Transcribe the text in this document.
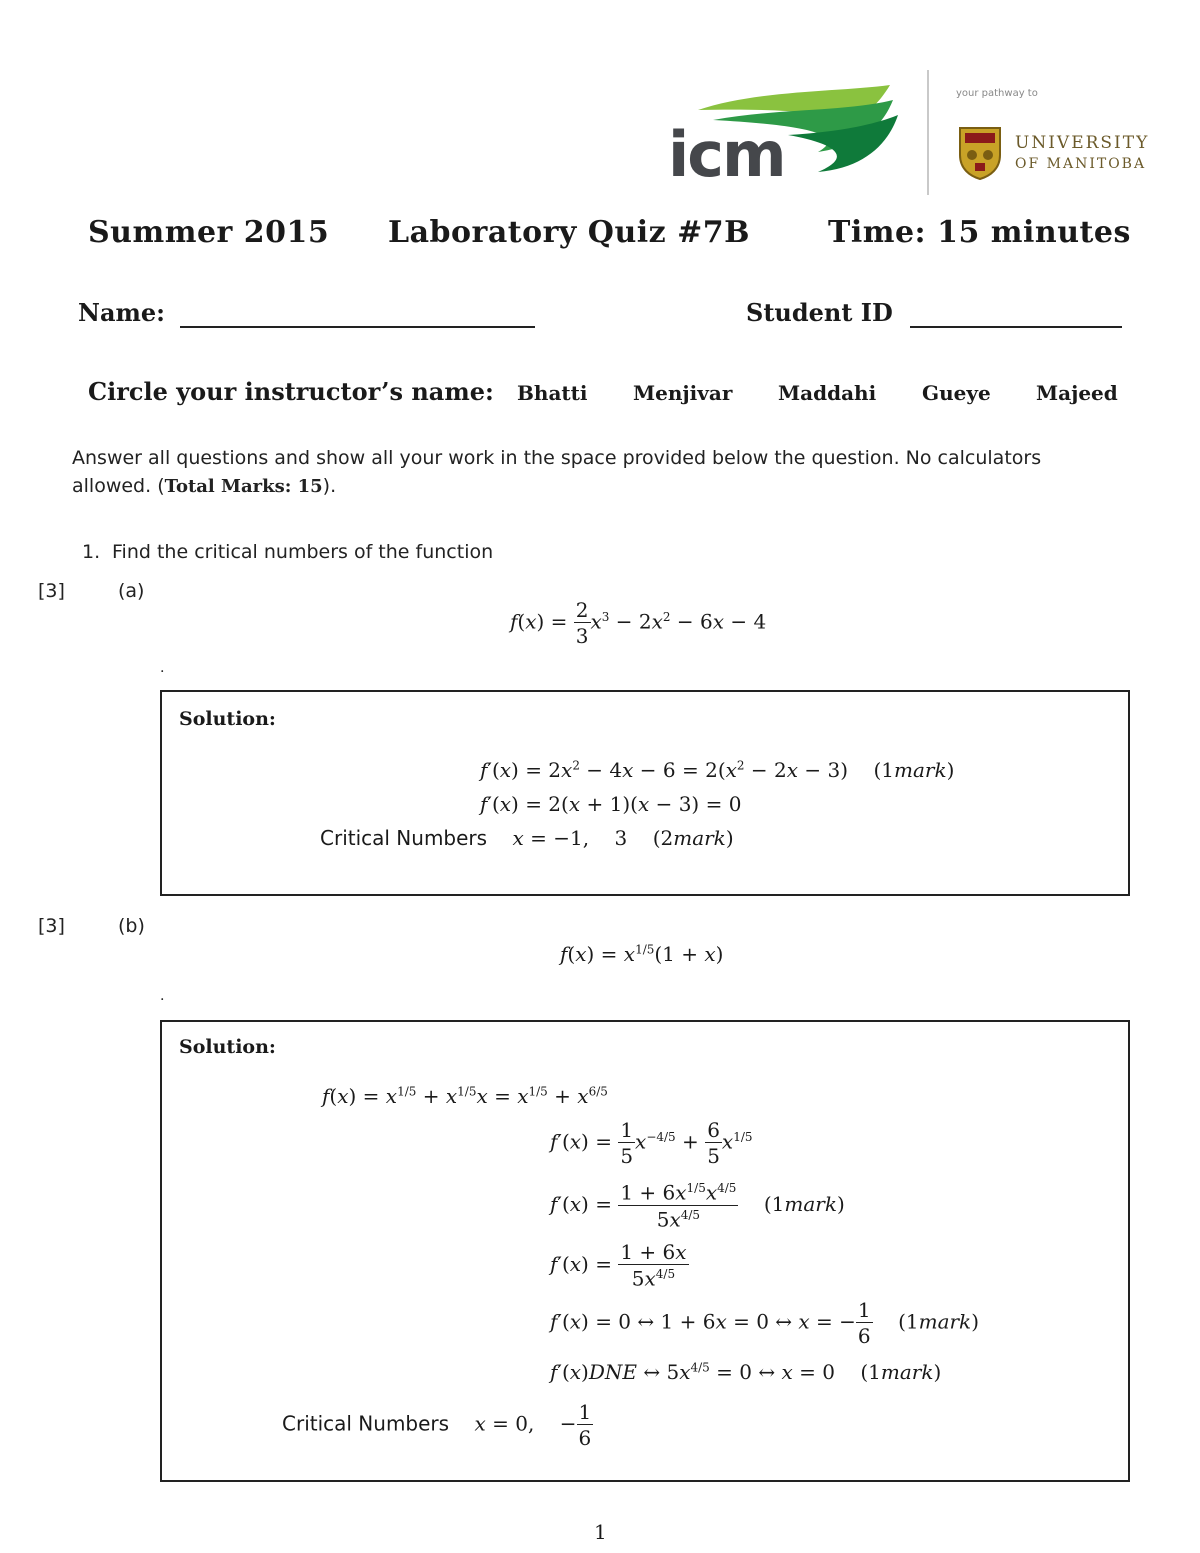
icm
your pathway to
UNIVERSITY
OF MANITOBA
Summer 2015 Laboratory Quiz #7B	Time: 15 minutes
Name:	Student ID
Circle your instructor’s name: Bhatti Menjivar Maddahi Gueye Majeed
Answer all questions and show all your work in the space provided below the question. No calculators
allowed. (Total Marks: 15).
1. Find the critical numbers of the function
[3]	(a)
$f(x) = \frac{2}{3} x^3 - 2x^2 - 6x - 4$
.
Solution:
$f'(x) = 2x^2 - 4x - 6 = 2(x^2 - 2x - 3)$    (1mark)
f′(x) = 2(x + 1)(x − 3) = 0
Critical Numbers x = −1,    3    (2mark)
[3]	(b)
$f(x) = x^{1/5}(1 + x)$
.
Solution:
$f(x) = x^{1/5} + x^{1/5}x = x^{1/5} + x^{6/5}$
$f'(x) = \frac{1}{5} x^{-4/5} + \frac{6}{5} x^{1/5}$
$f'(x) = \frac{1 + 6x^{1/5}x^{4/5}}{5x^{4/5}}$ (1mark)
$f'(x) = \frac{1 + 6x}{5x^{4/5}}$
f′(x) = 0 ↔ 1 + 6x = 0 ↔ x = − $\frac{1}{6}$ (1mark)
f′(x)DNE ↔ $5x^{4/5} = 0$ ↔ x = 0    (1mark)
Critical Numbers x = 0,    − $\frac{1}{6}$
1
